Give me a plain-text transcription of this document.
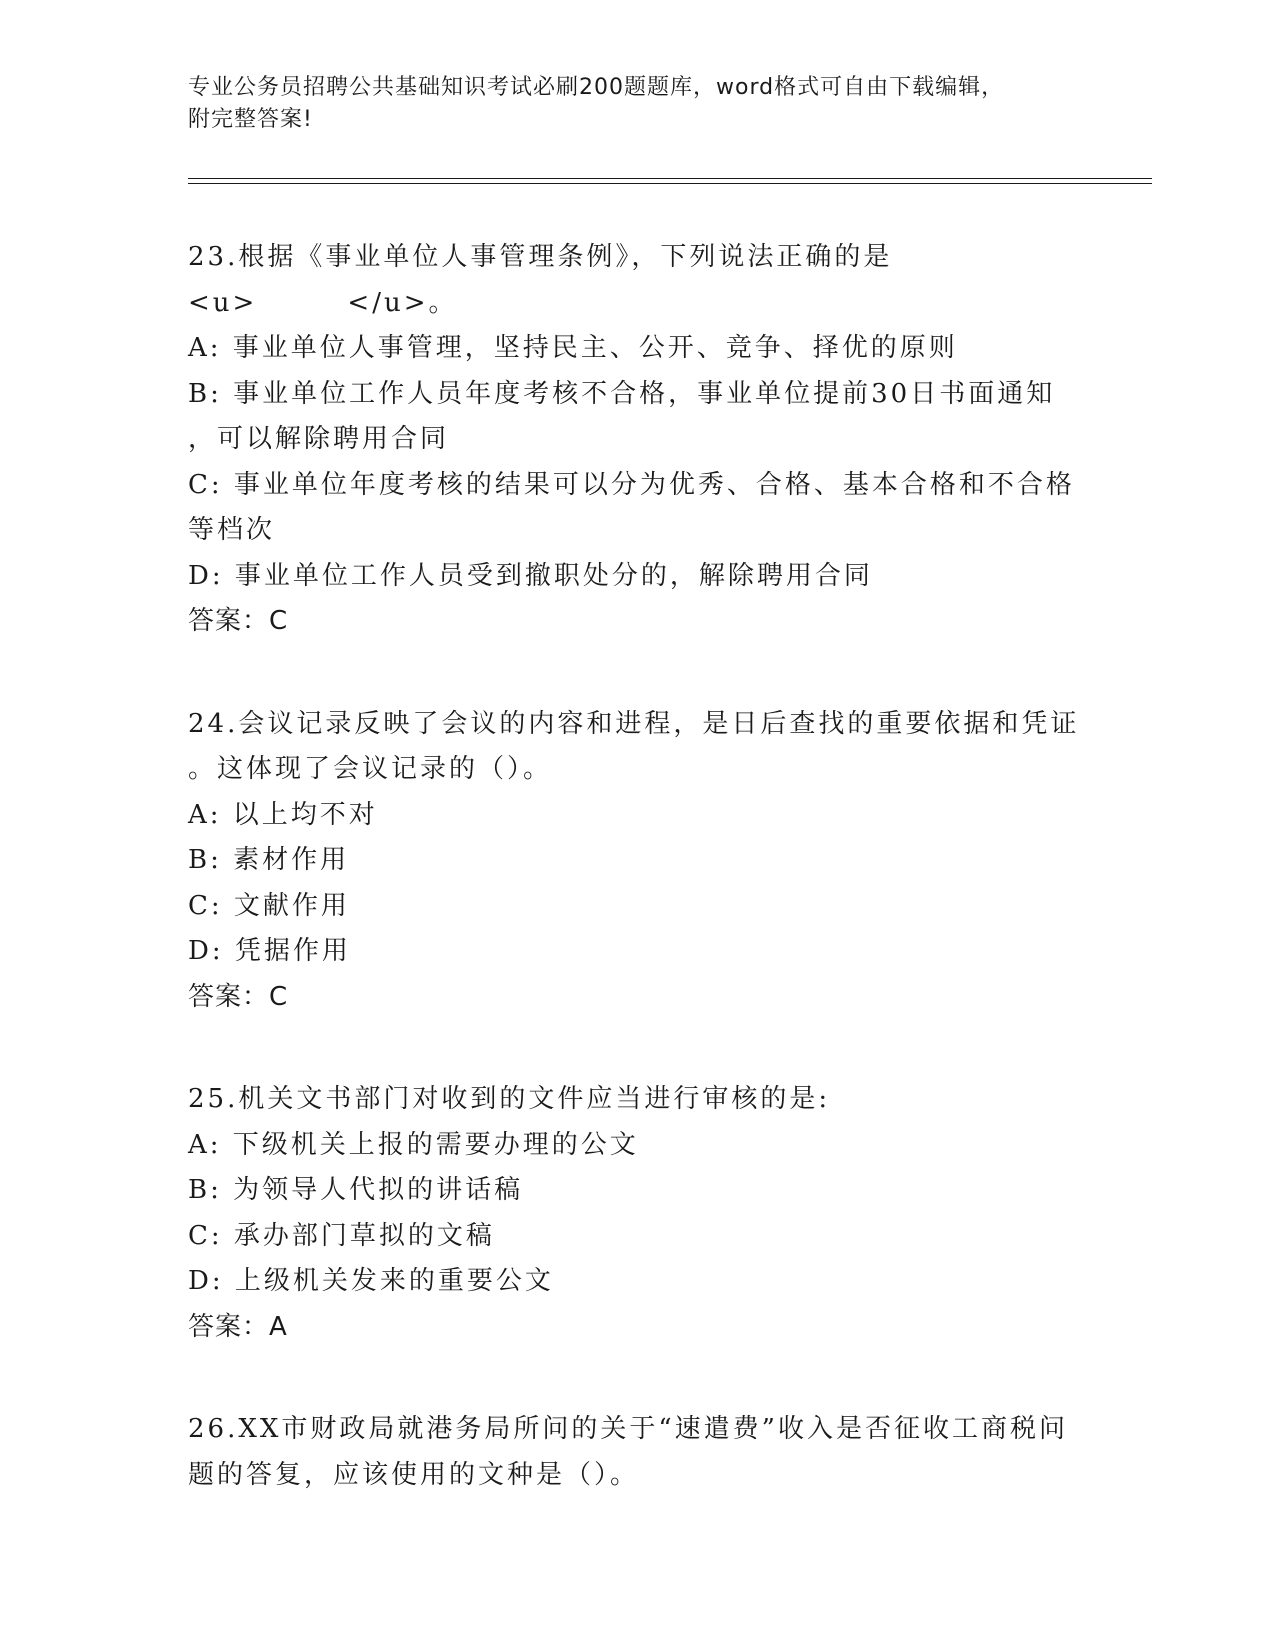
专业公务员招聘公共基础知识考试必刷200题题库，word格式可自由下载编辑，
附完整答案!
23.根据《事业单位人事管理条例》，下列说法正确的是
<u>        </u>。
A: 事业单位人事管理，坚持民主、公开、竞争、择优的原则
B: 事业单位工作人员年度考核不合格，事业单位提前30日书面通知
，可以解除聘用合同
C: 事业单位年度考核的结果可以分为优秀、合格、基本合格和不合格
等档次
D: 事业单位工作人员受到撤职处分的，解除聘用合同
答案：C
24.会议记录反映了会议的内容和进程，是日后查找的重要依据和凭证
。这体现了会议记录的（）。
A: 以上均不对
B: 素材作用
C: 文献作用
D: 凭据作用
答案：C
25.机关文书部门对收到的文件应当进行审核的是:
A: 下级机关上报的需要办理的公文
B: 为领导人代拟的讲话稿
C: 承办部门草拟的文稿
D: 上级机关发来的重要公文
答案：A
26.XX市财政局就港务局所问的关于“速遣费”收入是否征收工商税问
题的答复，应该使用的文种是（）。
